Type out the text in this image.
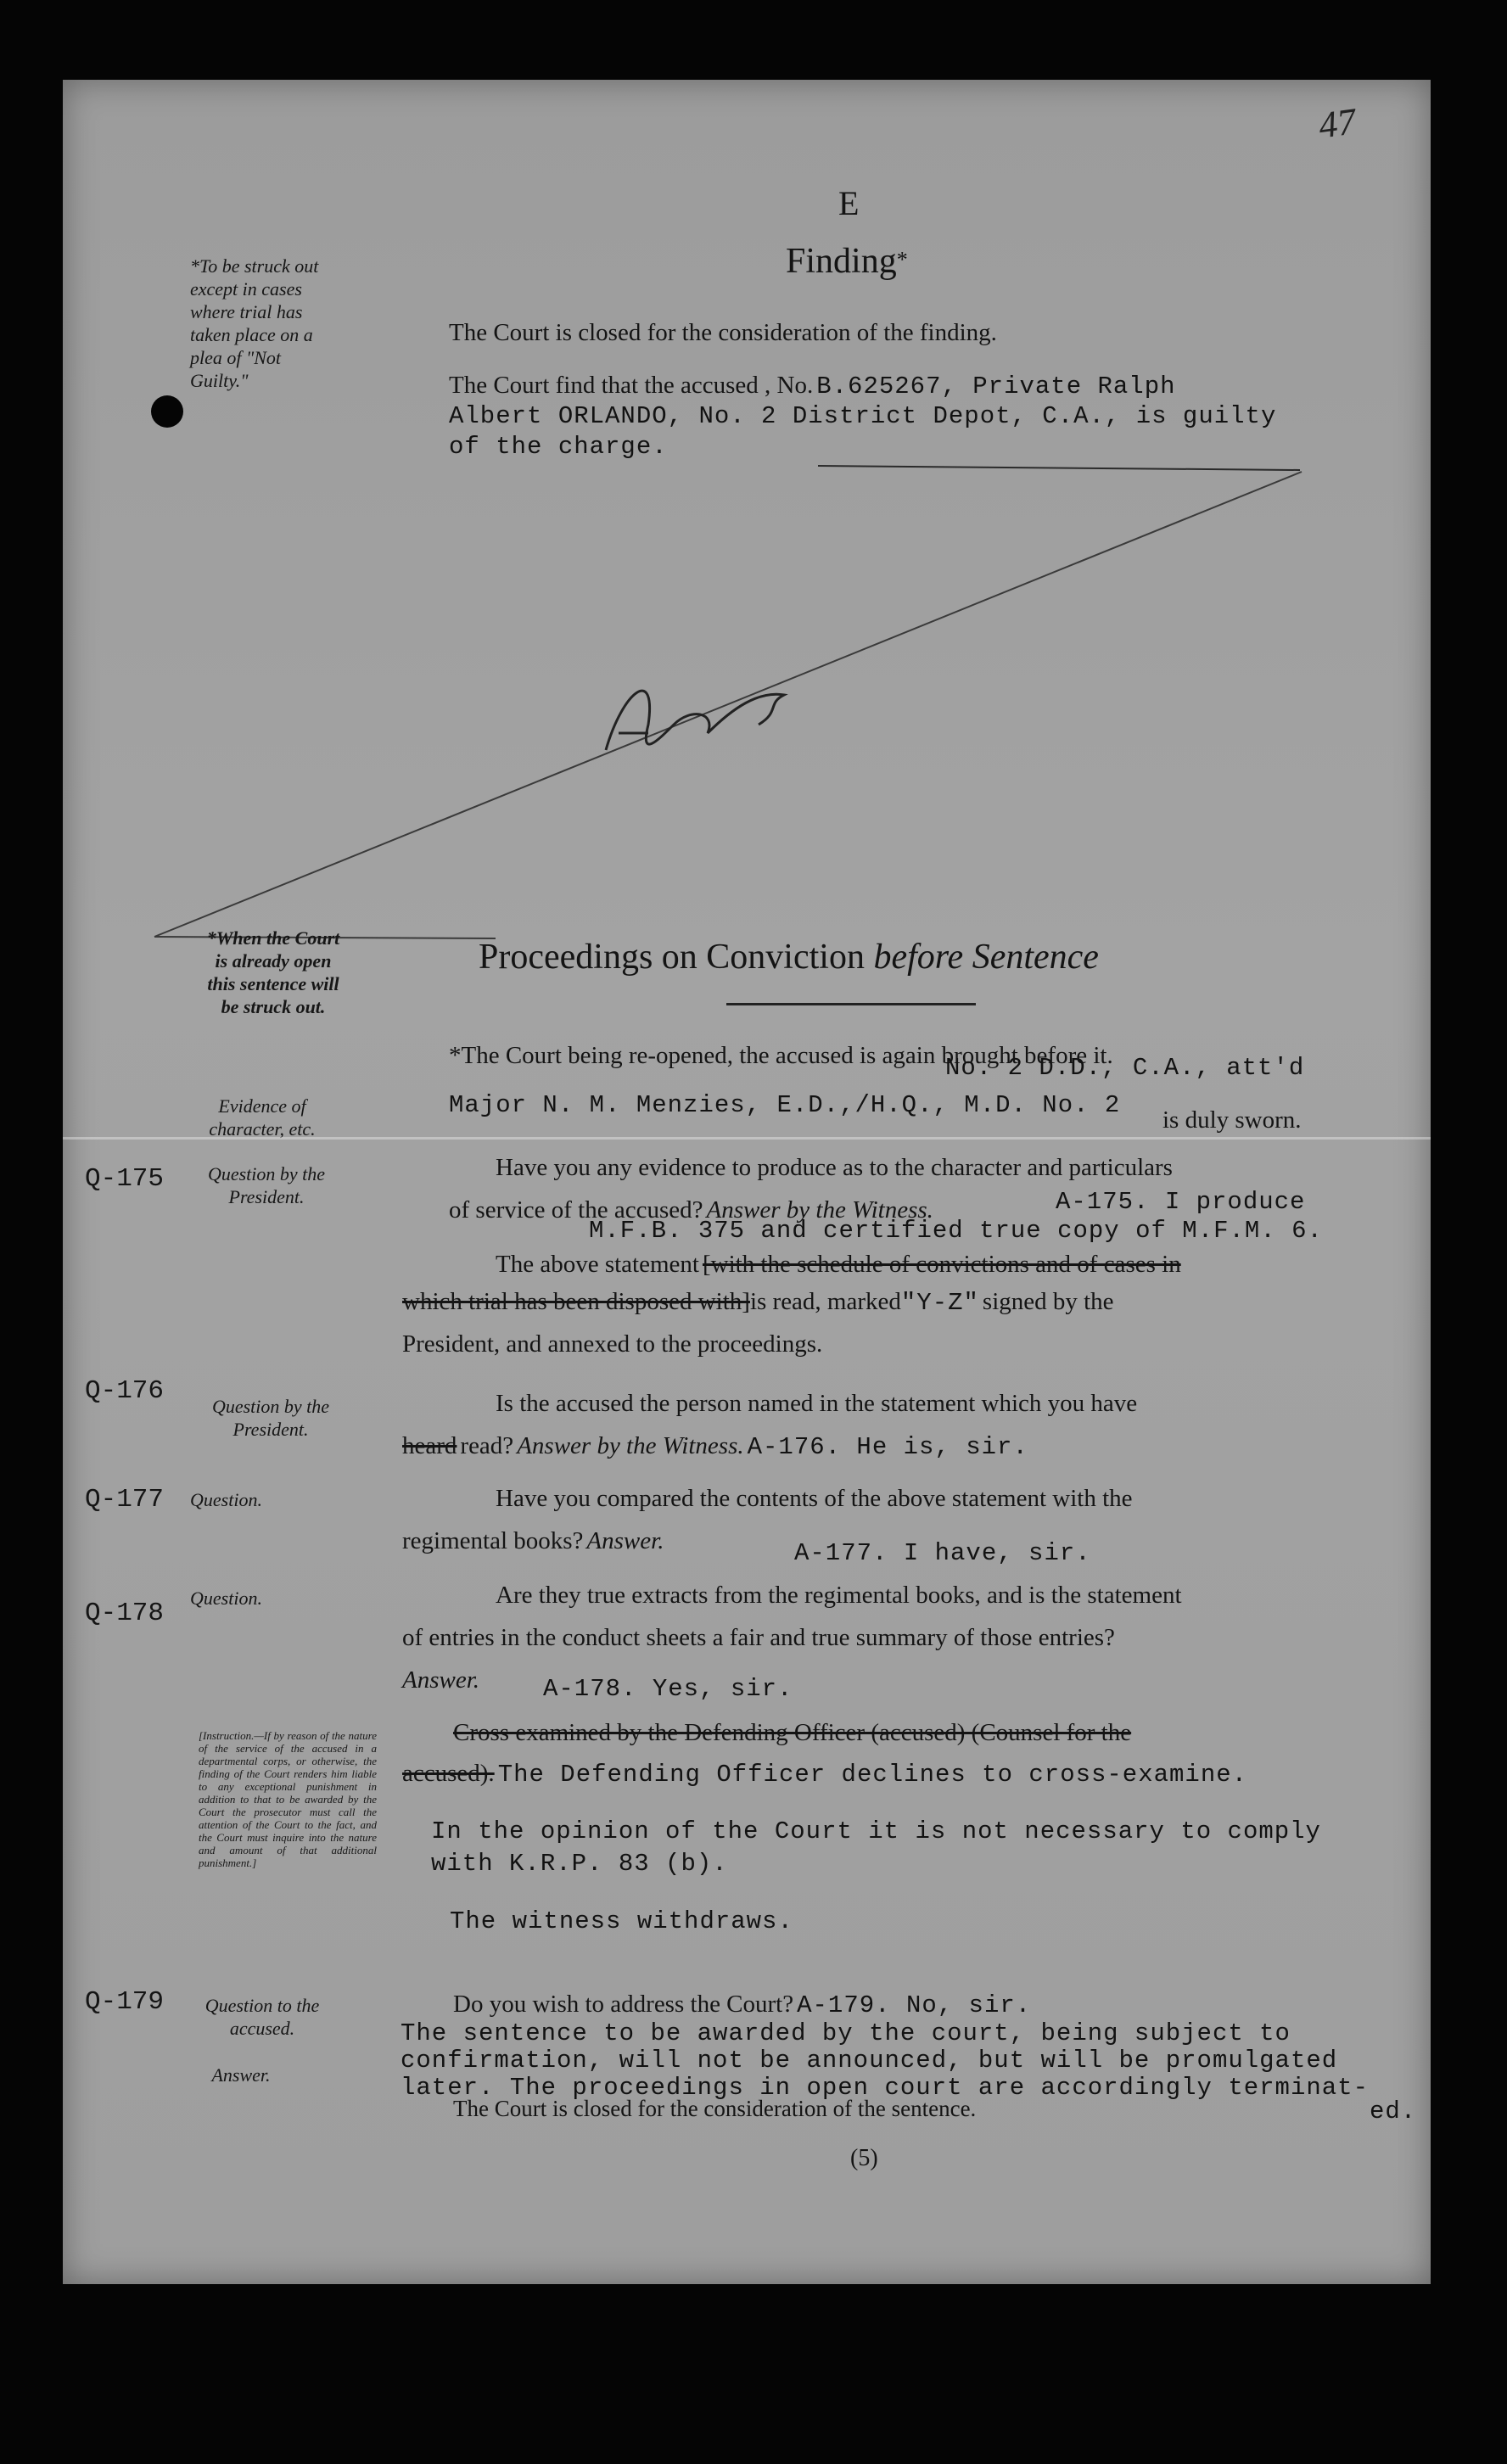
47
E
Finding*
*To be struck out except in cases where trial has taken place on a plea of "Not Guilty."
The Court is closed for the consideration of the finding.
The Court find that the accused , No. B.625267, Private Ralph
Albert ORLANDO, No. 2 District Depot, C.A., is guilty
of the charge.
*When the Court is already open this sentence will be struck out.
Proceedings on Conviction before Sentence
No. 2 D.D., C.A., att'd
*The Court being re-opened, the accused is again brought before it.
Evidence of character, etc.
Major N. M. Menzies, E.D.,/H.Q., M.D. No. 2
is duly sworn.
Q-175	Question by the President.
Have you any evidence to produce as to the character and particulars
of service of the accused? Answer by the Witness.	A-175. I produce
M.F.B. 375 and certified true copy of M.F.M. 6.
The above statement [with the schedule of convictions and of cases in
which trial has been disposed with]is read, marked"Y-Z" signed by the
President, and annexed to the proceedings.
Q-176
Question by the President.
Is the accused the person named in the statement which you have
heard read? Answer by the Witness. A-176. He is, sir.
Q-177 Question.	Have you compared the contents of the above statement with the
regimental books? Answer.	A-177. I have, sir.
Q-178
Question.	Are they true extracts from the regimental books, and is the statement
of entries in the conduct sheets a fair and true summary of those entries?
Answer.	A-178. Yes, sir.
[Instruction.—If by reason of the nature of the service of the accused in a departmental corps, or otherwise, the finding of the Court renders him liable to any exceptional punishment in addition to that to be awarded by the Court the prosecutor must call the attention of the Court to the fact, and the Court must inquire into the nature and amount of that additional punishment.]
Cross examined by the Defending Officer (accused) (Counsel for the
accused). The Defending Officer declines to cross-examine.
In the opinion of the Court it is not necessary to comply
with K.R.P. 83 (b).
The witness withdraws.
Q-179	Question to the accused.
Answer.
Do you wish to address the Court? A-179. No, sir.
The sentence to be awarded by the court, being subject to
confirmation, will not be announced, but will be promulgated
later. The proceedings in open court are accordingly terminat-
ed.
The Court is closed for the consideration of the sentence.
(5)
